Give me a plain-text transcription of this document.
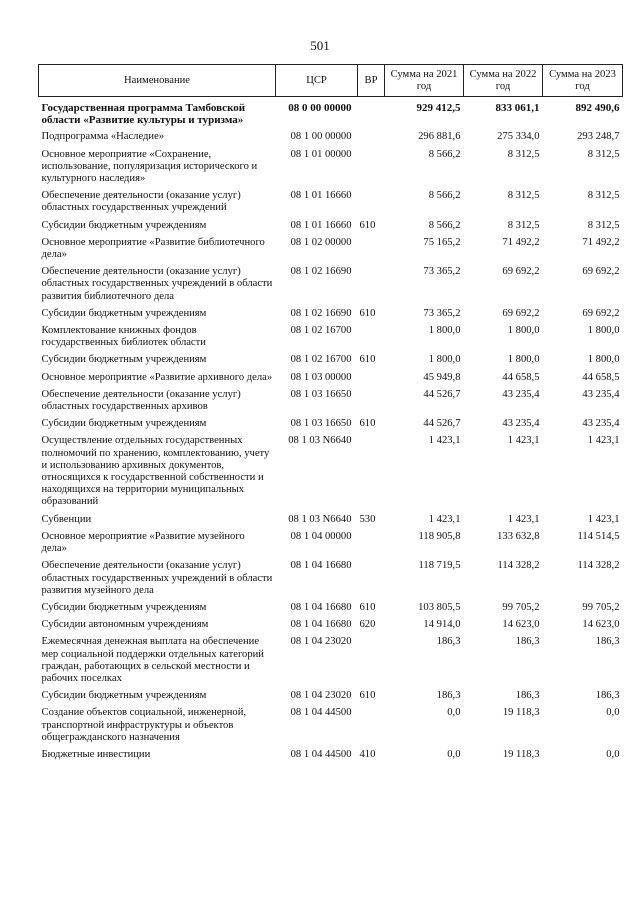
501
Наименование	ЦСР	ВР	Сумма на 2021 год	Сумма на 2022 год	Сумма на 2023 год
Государственная программа Тамбовской области «Развитие культуры и туризма»	08 0 00 00000		929 412,5	833 061,1	892 490,6
Подпрограмма «Наследие»	08 1 00 00000		296 881,6	275 334,0	293 248,7
Основное мероприятие «Сохранение, использование, популяризация исторического и культурного наследия»	08 1 01 00000		8 566,2	8 312,5	8 312,5
Обеспечение деятельности (оказание услуг) областных государственных учреждений	08 1 01 16660		8 566,2	8 312,5	8 312,5
Субсидии бюджетным учреждениям	08 1 01 16660	610	8 566,2	8 312,5	8 312,5
Основное мероприятие «Развитие библиотечного дела»	08 1 02 00000		75 165,2	71 492,2	71 492,2
Обеспечение деятельности (оказание услуг) областных государственных учреждений в области развития библиотечного дела	08 1 02 16690		73 365,2	69 692,2	69 692,2
Субсидии бюджетным учреждениям	08 1 02 16690	610	73 365,2	69 692,2	69 692,2
Комплектование книжных фондов государственных библиотек области	08 1 02 16700		1 800,0	1 800,0	1 800,0
Субсидии бюджетным учреждениям	08 1 02 16700	610	1 800,0	1 800,0	1 800,0
Основное мероприятие «Развитие архивного дела»	08 1 03 00000		45 949,8	44 658,5	44 658,5
Обеспечение деятельности (оказание услуг) областных государственных архивов	08 1 03 16650		44 526,7	43 235,4	43 235,4
Субсидии бюджетным учреждениям	08 1 03 16650	610	44 526,7	43 235,4	43 235,4
Осуществление отдельных государственных полномочий по хранению, комплектованию, учету и использованию архивных документов, относящихся к государственной собственности и находящихся на территории муниципальных образований	08 1 03 N6640		1 423,1	1 423,1	1 423,1
Субвенции	08 1 03 N6640	530	1 423,1	1 423,1	1 423,1
Основное мероприятие «Развитие музейного дела»	08 1 04 00000		118 905,8	133 632,8	114 514,5
Обеспечение деятельности (оказание услуг) областных государственных учреждений в области развития музейного дела	08 1 04 16680		118 719,5	114 328,2	114 328,2
Субсидии бюджетным учреждениям	08 1 04 16680	610	103 805,5	99 705,2	99 705,2
Субсидии автономным учреждениям	08 1 04 16680	620	14 914,0	14 623,0	14 623,0
Ежемесячная денежная выплата на обеспечение мер социальной поддержки отдельных категорий граждан, работающих в сельской местности и рабочих поселках	08 1 04 23020		186,3	186,3	186,3
Субсидии бюджетным учреждениям	08 1 04 23020	610	186,3	186,3	186,3
Создание объектов социальной, инженерной, транспортной инфраструктуры и объектов общегражданского назначения	08 1 04 44500		0,0	19 118,3	0,0
Бюджетные инвестиции	08 1 04 44500	410	0,0	19 118,3	0,0
